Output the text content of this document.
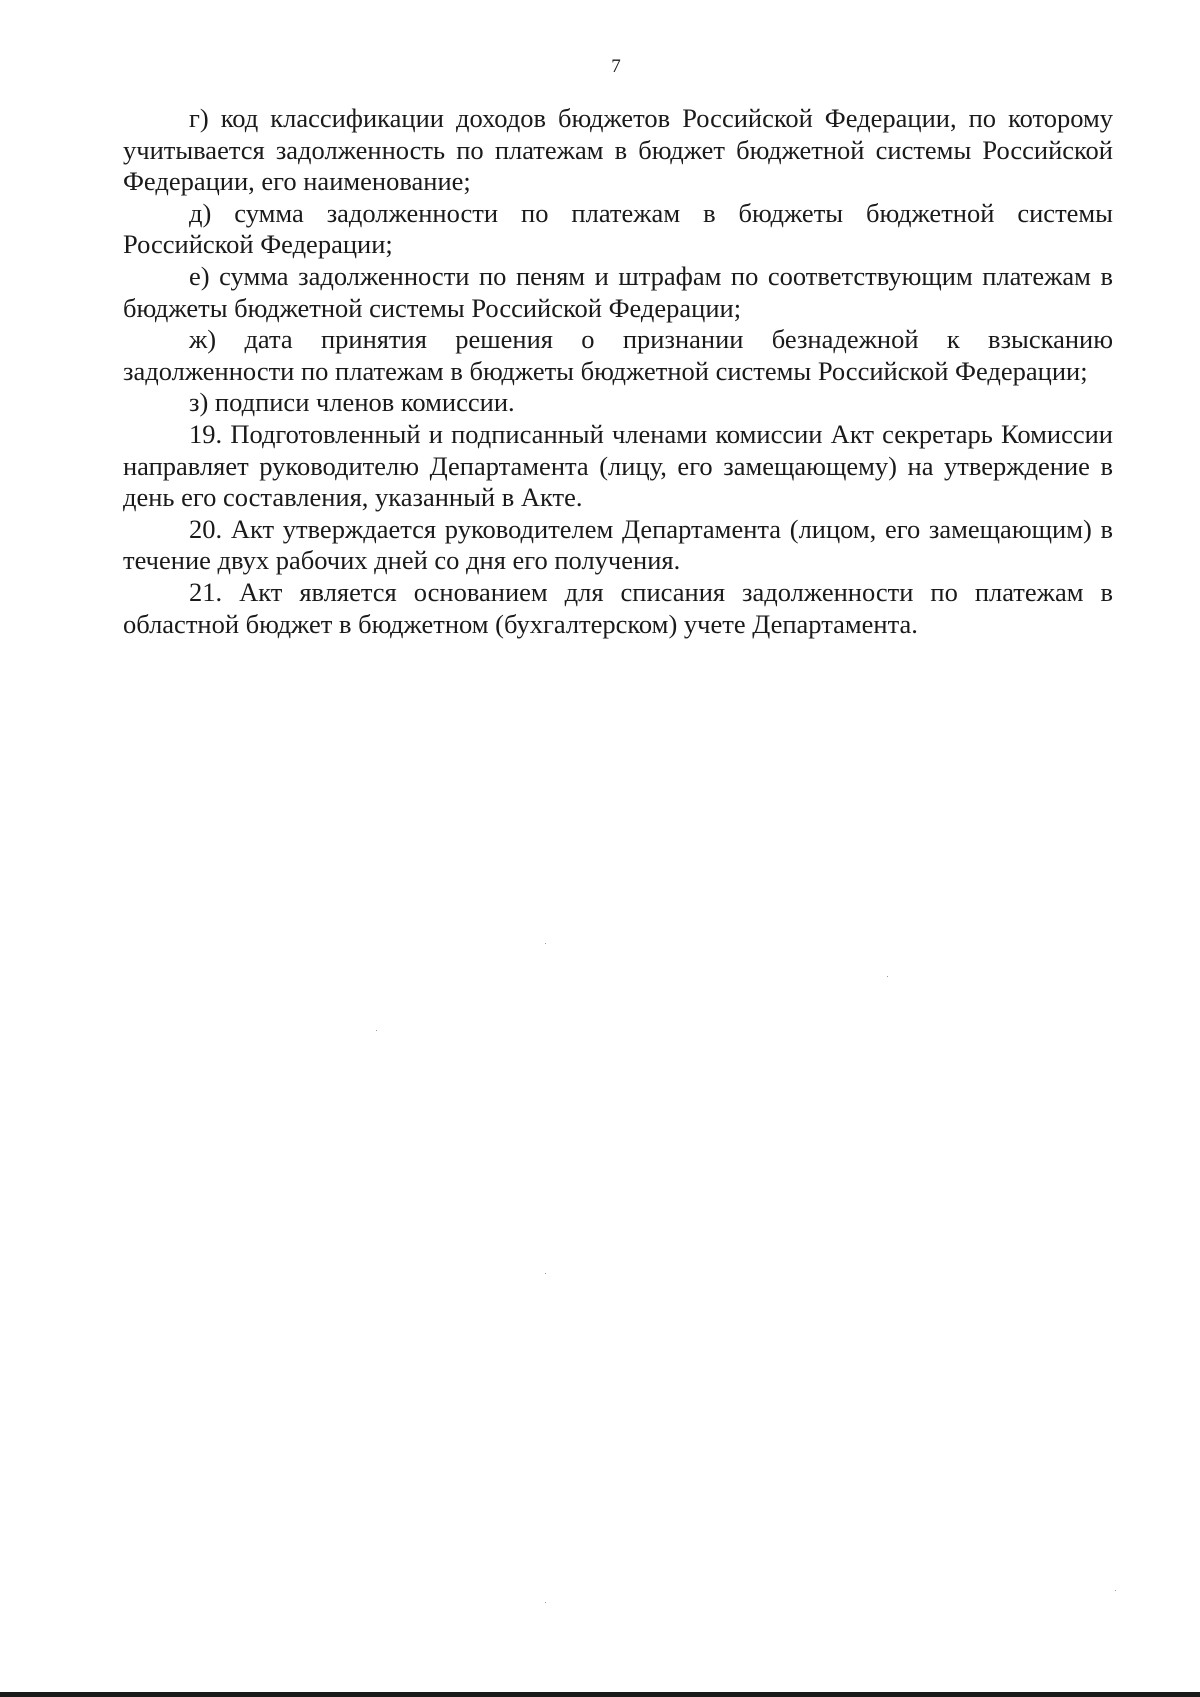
7

г) код классификации доходов бюджетов Российской Федерации, по которому учитывается задолженность по платежам в бюджет бюджетной системы Российской Федерации, его наименование;

д) сумма задолженности по платежам в бюджеты бюджетной системы Российской Федерации;

е) сумма задолженности по пеням и штрафам по соответствующим платежам в бюджеты бюджетной системы Российской Федерации;

ж) дата принятия решения о признании безнадежной к взысканию задолженности по платежам в бюджеты бюджетной системы Российской Федерации;

з) подписи членов комиссии.

19. Подготовленный и подписанный членами комиссии Акт секретарь Комиссии направляет руководителю Департамента (лицу, его замещающему) на утверждение в день его составления, указанный в Акте.

20. Акт утверждается руководителем Департамента (лицом, его замещающим) в течение двух рабочих дней со дня его получения.

21. Акт является основанием для списания задолженности по платежам в областной бюджет в бюджетном (бухгалтерском) учете Департамента.
